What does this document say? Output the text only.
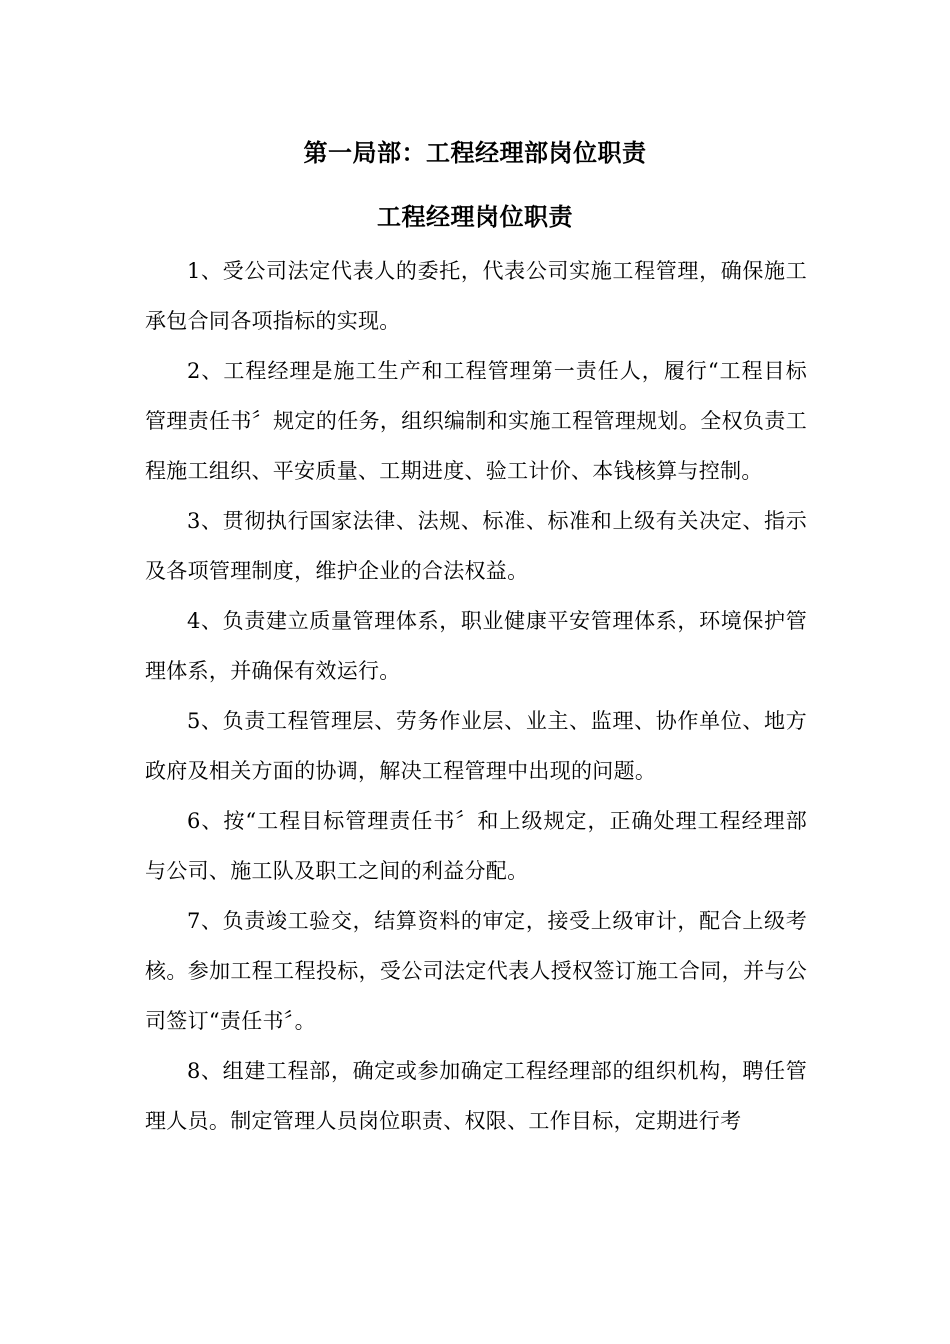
第一局部：工程经理部岗位职责
工程经理岗位职责

1、受公司法定代表人的委托，代表公司实施工程管理，确保施工承包合同各项指标的实现。

2、工程经理是施工生产和工程管理第一责任人，履行“工程目标管理责任书〞规定的任务，组织编制和实施工程管理规划。全权负责工程施工组织、平安质量、工期进度、验工计价、本钱核算与控制。

3、贯彻执行国家法律、法规、标准、标准和上级有关决定、指示及各项管理制度，维护企业的合法权益。

4、负责建立质量管理体系，职业健康平安管理体系，环境保护管理体系，并确保有效运行。

5、负责工程管理层、劳务作业层、业主、监理、协作单位、地方政府及相关方面的协调，解决工程管理中出现的问题。

6、按“工程目标管理责任书〞和上级规定，正确处理工程经理部与公司、施工队及职工之间的利益分配。

7、负责竣工验交，结算资料的审定，接受上级审计，配合上级考核。参加工程工程投标，受公司法定代表人授权签订施工合同，并与公司签订“责任书〞。

8、组建工程部，确定或参加确定工程经理部的组织机构，聘任管理人员。制定管理人员岗位职责、权限、工作目标，定期进行考
